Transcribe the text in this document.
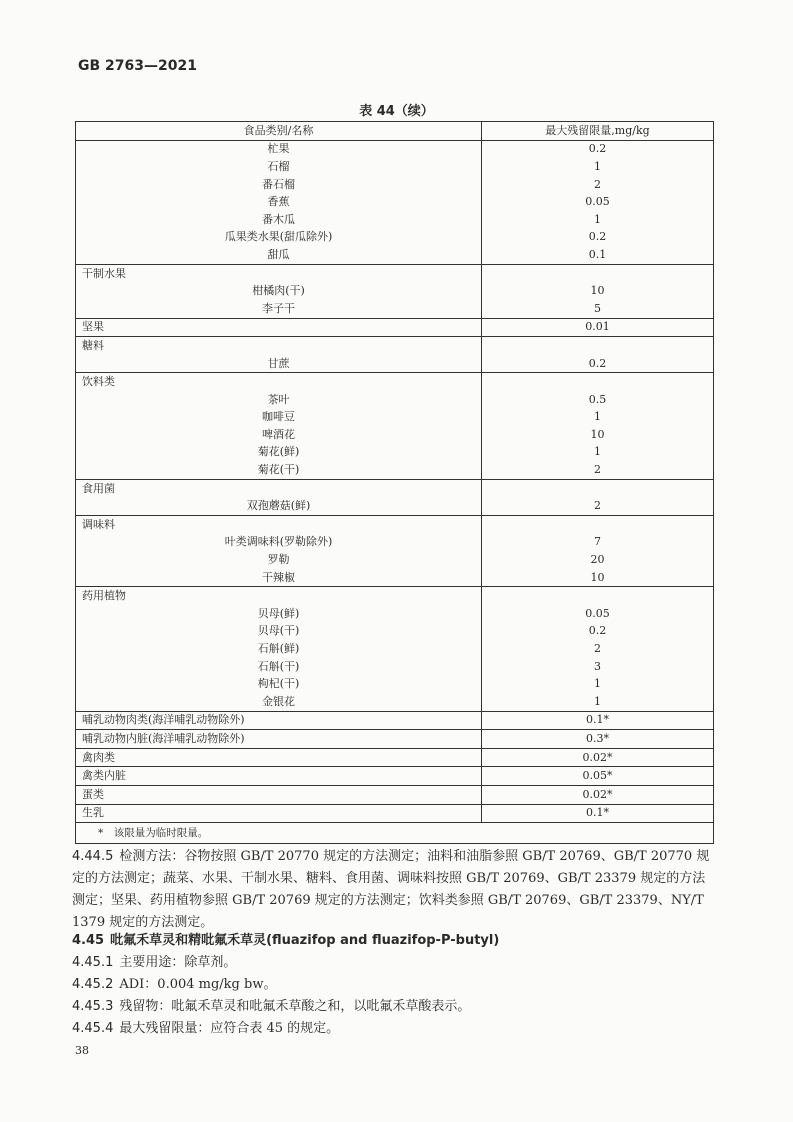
GB 2763—2021
表 44（续）
食品类别/名称	最大残留限量,mg/kg
杧果	0.2
石榴	1
番石榴	2
香蕉	0.05
番木瓜	1
瓜果类水果(甜瓜除外)	0.2
甜瓜	0.1
干制水果	
柑橘肉(干)	10
李子干	5
坚果	0.01
糖料	
甘蔗	0.2
饮料类	
茶叶	0.5
咖啡豆	1
啤酒花	10
菊花(鲜)	1
菊花(干)	2
食用菌	
双孢蘑菇(鲜)	2
调味料	
叶类调味料(罗勒除外)	7
罗勒	20
干辣椒	10
药用植物	
贝母(鲜)	0.05
贝母(干)	0.2
石斛(鲜)	2
石斛(干)	3
枸杞(干)	1
金银花	1
哺乳动物肉类(海洋哺乳动物除外)	0.1*
哺乳动物内脏(海洋哺乳动物除外)	0.3*
禽肉类	0.02*
禽类内脏	0.05*
蛋类	0.02*
生乳	0.1*
*　该限量为临时限量。	
4.44.5 检测方法：谷物按照 GB/T 20770 规定的方法测定；油料和油脂参照 GB/T 20769、GB/T 20770 规定的方法测定；蔬菜、水果、干制水果、糖料、食用菌、调味料按照 GB/T 20769、GB/T 23379 规定的方法测定；坚果、药用植物参照 GB/T 20769 规定的方法测定；饮料类参照 GB/T 20769、GB/T 23379、NY/T 1379 规定的方法测定。
4.45 吡氟禾草灵和精吡氟禾草灵(fluazifop and fluazifop-P-butyl)
4.45.1 主要用途：除草剂。
4.45.2 ADI：0.004 mg/kg bw。
4.45.3 残留物：吡氟禾草灵和吡氟禾草酸之和，以吡氟禾草酸表示。
4.45.4 最大残留限量：应符合表 45 的规定。
38
